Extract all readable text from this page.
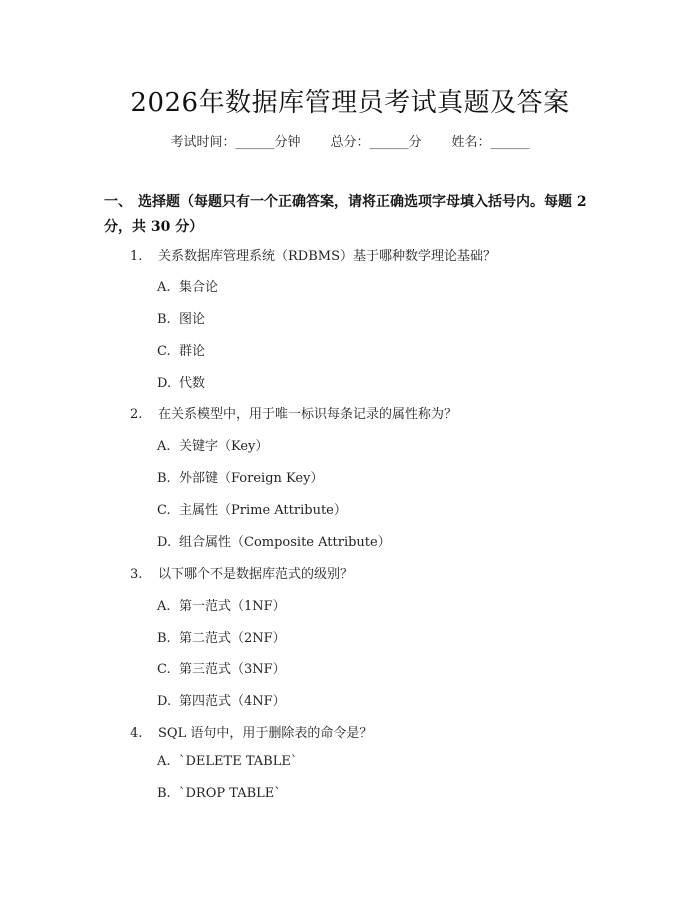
2026年数据库管理员考试真题及答案
考试时间：______分钟 总分：______分 姓名：______
一、 选择题（每题只有一个正确答案，请将正确选项字母填入括号内。每题 2 分，共 30 分）
1. 关系数据库管理系统（RDBMS）基于哪种数学理论基础？
A. 集合论
B. 图论
C. 群论
D. 代数
2. 在关系模型中，用于唯一标识每条记录的属性称为？
A. 关键字（Key）
B. 外部键（Foreign Key）
C. 主属性（Prime Attribute）
D. 组合属性（Composite Attribute）
3. 以下哪个不是数据库范式的级别？
A. 第一范式（1NF）
B. 第二范式（2NF）
C. 第三范式（3NF）
D. 第四范式（4NF）
4. SQL 语句中，用于删除表的命令是？
A. `DELETE TABLE`
B. `DROP TABLE`
